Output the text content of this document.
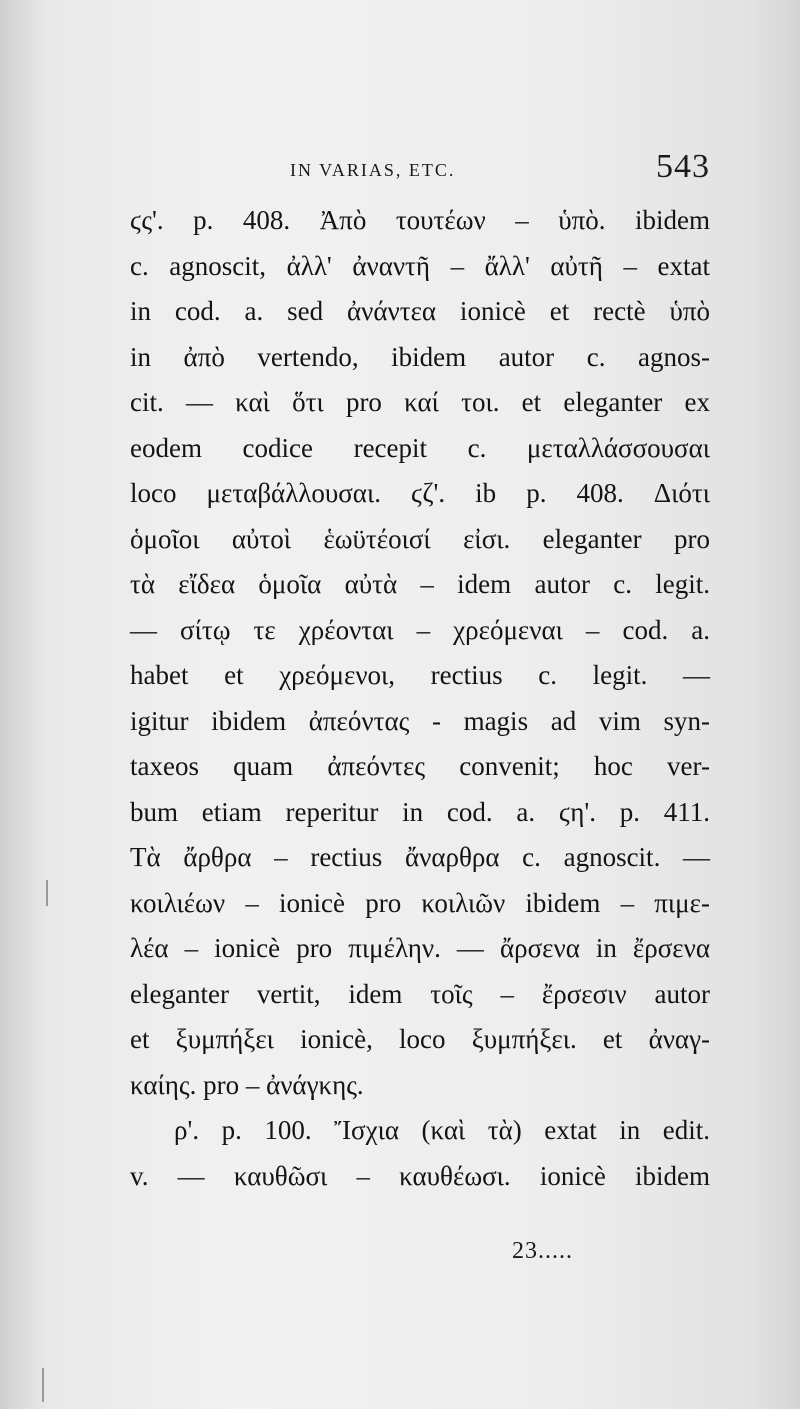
IN VARIAS, ETC.	543
ϛς'. p. 408. Ἀπὸ τουτέων – ὑπὸ. ibidem
c. agnoscit, ἀλλ' ἀναντῆ – ἄλλ' αὐτῆ – extat
in cod. a. sed ἀνάντεα ionicè et rectè ὑπὸ
in ἀπὸ vertendo, ibidem autor c. agnos-
cit. — καὶ ὅτι pro καί τοι. et eleganter ex
eodem codice recepit c. μεταλλάσσουσαι
loco μεταβάλλουσαι. ϛζ'. ib p. 408. Διότι
ὁμοῖοι αὐτοὶ ἑωϋτέοισί εἰσι. eleganter pro
τὰ εἴδεα ὁμοῖα αὐτὰ – idem autor c. legit.
— σίτῳ τε χρέονται – χρεόμεναι – cod. a.
habet et χρεόμενοι, rectius c. legit. —
igitur ibidem ἀπεόντας - magis ad vim syn-
taxeos quam ἀπεόντες convenit; hoc ver-
bum etiam reperitur in cod. a. ϛη'. p. 411.
Τὰ ἄρθρα – rectius ἄναρθρα c. agnoscit. —
κοιλιέων – ionicè pro κοιλιῶν ibidem – πιμε-
λέα – ionicè pro πιμέλην. — ἄρσενα in ἔρσενα
eleganter vertit, idem τοῖς – ἔρσεσιν autor
et ξυμπήξει ionicè, loco ξυμπήξει. et ἀναγ-
καίης. pro – ἀνάγκης.
ρ'. p. 100. Ἴσχια (καὶ τὰ) extat in edit.
v. — καυθῶσι – καυθέωσι. ionicè ibidem
23.....
